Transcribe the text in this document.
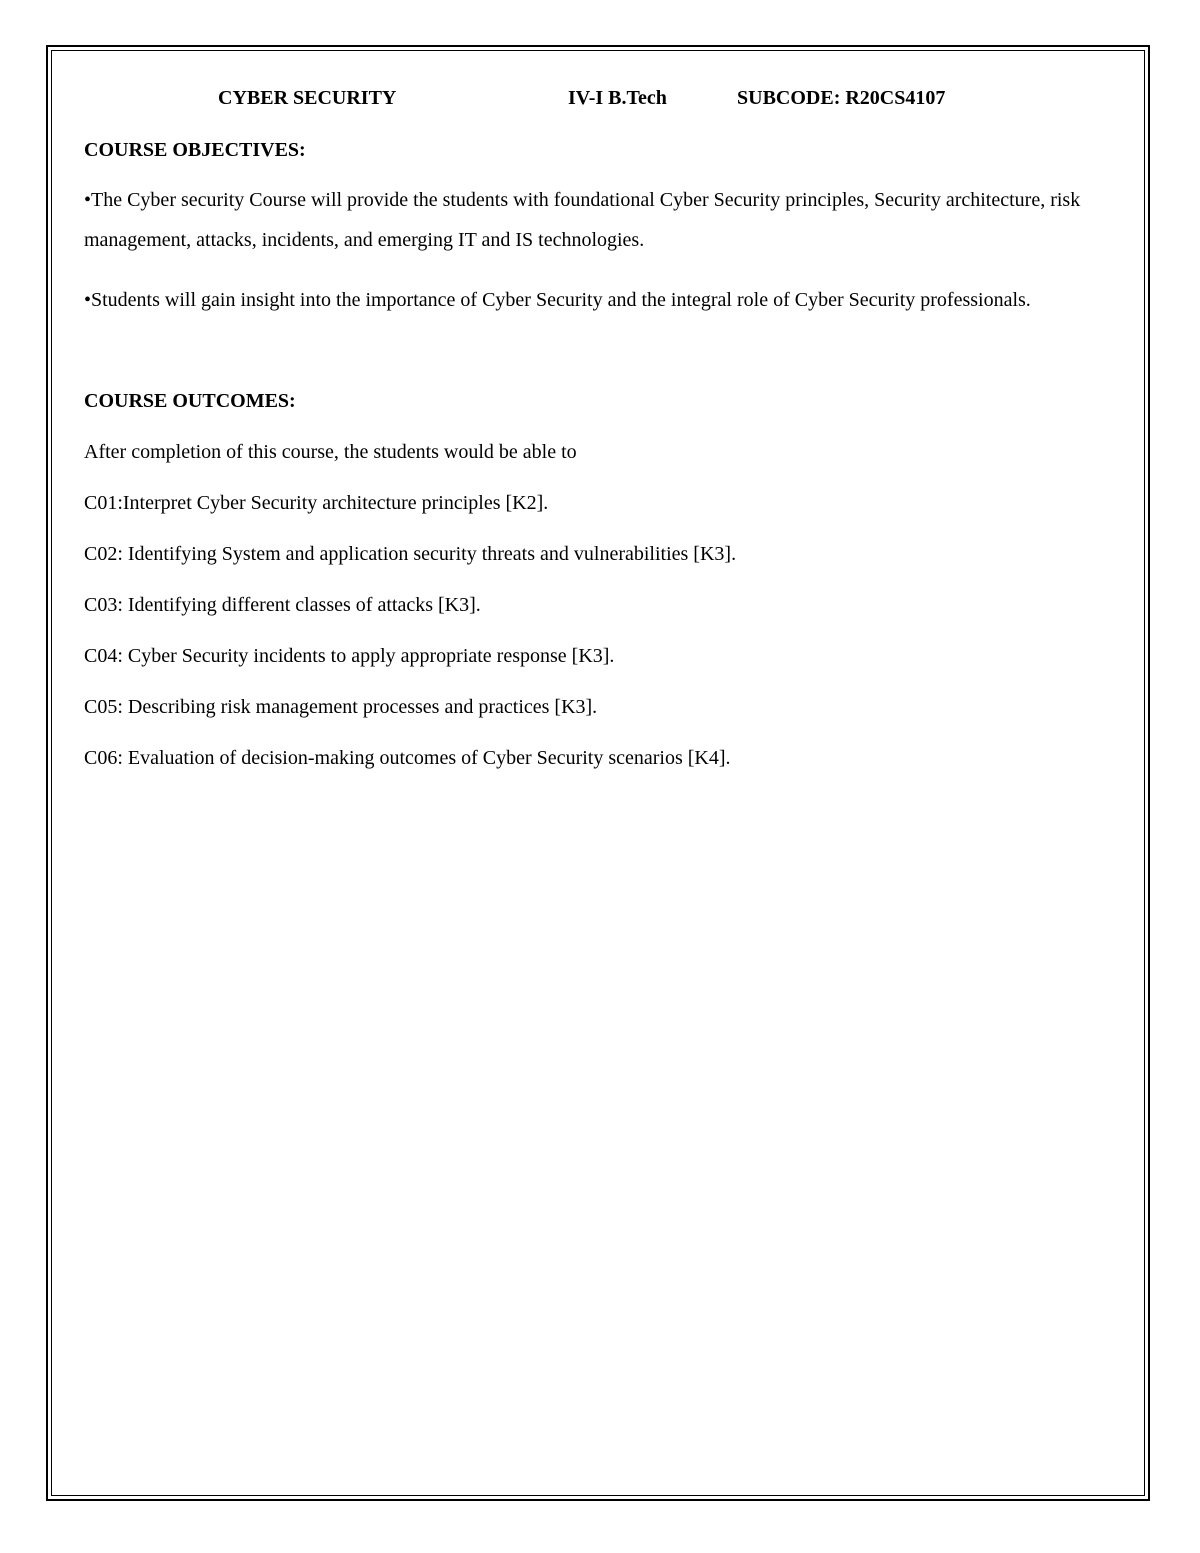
CYBER SECURITY	IV-I B.Tech	SUBCODE: R20CS4107
COURSE OBJECTIVES:
•The Cyber security Course will provide the students with foundational Cyber Security principles, Security architecture, risk management, attacks, incidents, and emerging IT and IS technologies.
•Students will gain insight into the importance of Cyber Security and the integral role of Cyber Security professionals.
COURSE OUTCOMES:
After completion of this course, the students would be able to
C01:Interpret Cyber Security architecture principles [K2].
C02: Identifying System and application security threats and vulnerabilities [K3].
C03: Identifying different classes of attacks [K3].
C04: Cyber Security incidents to apply appropriate response [K3].
C05: Describing risk management processes and practices [K3].
C06: Evaluation of decision-making outcomes of Cyber Security scenarios [K4].
